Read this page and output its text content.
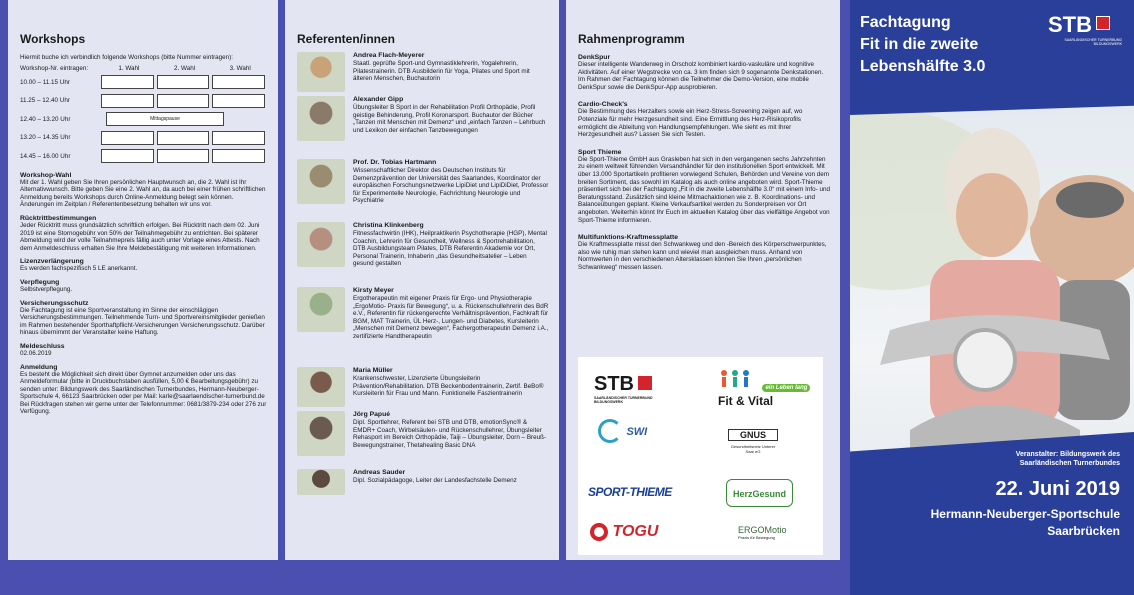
Workshops
Hiermit buche ich verbindlich folgende Workshops (bitte Nummer eintragen):
Workshop-Nr. eintragen:	1. Wahl	2. Wahl	3. Wahl
10.00 – 11.15 Uhr
11.25 – 12.40 Uhr
12.40 – 13.20 Uhr	Mittagspause
13.20 – 14.35 Uhr
14.45 – 16.00 Uhr
Workshop-Wahl
Mit der 1. Wahl geben Sie Ihren persönlichen Hauptwunsch an, die 2. Wahl ist Ihr Alternativwunsch. Bitte geben Sie eine 2. Wahl an, da auch bei einer frühen schriftlichen Anmeldung bereits Workshops durch Online-Anmeldung belegt sein können. Änderungen im Zeitplan / Referentenbesetzung behalten wir uns vor.
Rücktrittbestimmungen
Jeder Rücktritt muss grundsätzlich schriftlich erfolgen. Bei Rücktritt nach dem 02. Juni 2019 ist eine Stornogebühr von 50% der Teilnahmegebühr zu entrichten. Bei späterer Abmeldung wird der volle Teilnahmepreis fällig auch unter Vorlage eines Attests. Nach dem Anmeldeschluss erhalten Sie Ihre Meldebestätigung mit weiteren Informationen.
Lizenzverlängerung
Es werden fachspezifisch 5 LE anerkannt.
Verpflegung
Selbstverpflegung.
Versicherungsschutz
Die Fachtagung ist eine Sportveranstaltung im Sinne der einschlägigen Versicherungsbestimmungen. Teilnehmende Turn- und Sportvereinsmitglieder genießen im Rahmen bestehender Sporthaftpflicht-Versicherungen Versicherungsschutz. Darüber hinaus übernimmt der Veranstalter keine Haftung.
Meldeschluss
02.06.2019
Anmeldung
Es besteht die Möglichkeit sich direkt über Gymnet anzumelden oder uns das Anmeldeformular (bitte in Druckbuchstaben ausfüllen, 5,00 € Bearbeitungsgebühr) zu senden unter: Bildungswerk des Saarländischen Turnerbundes, Hermann-Neuberger-Sportschule 4, 66123 Saarbrücken oder per Mail: karle@saarlaendischer-turnerbund.de Bei Rückfragen stehen wir gerne unter der Telefonnummer: 0681/3879-234 oder 276 zur Verfügung.
Referenten/innen
Andrea Flach-Meyerer
Staatl. geprüfte Sport-und Gymnastiklehrerin, Yogalehrerin, Pilatestrainerin. DTB Ausbilderin für Yoga, Pilates und Sport mit älteren Menschen, Buchautorin
Alexander Gipp
Übungsleiter B Sport in der Rehabilitation Profil Orthopädie, Profil geistige Behinderung, Profil Koronarsport. Buchautor der Bücher „Tanzen mit Menschen mit Demenz“ und „einfach Tanzen – Lehrbuch und Lexikon der einfachen Tanzbewegungen
Prof. Dr. Tobias Hartmann
Wissenschaftlicher Direktor des Deutschen Instituts für Demenzprävention der Universität des Saarlandes, Koordinator der europäischen Forschungsnetzwerke LipiDiet und LipiDiDiet, Professor für Experimentelle Neurologie, Fachrichtung Neurologie und Psychiatrie
Christina Klinkenberg
Fitnessfachwirtin (IHK), Heilpraktikerin Psychotherapie (HGP), Mental Coachin, Lehrerin für Gesundheit, Wellness & Sportrehabilitation, DTB Ausbildungsteam Pilates, DTB Referentin Akademie vor Ort, Personal Trainerin, Inhaberin „das Gesundheitsatelier – Leben gesund gestalten
Kirsty Meyer
Ergotherapeutin mit eigener Praxis für Ergo- und Physiotherapie „ErgoMotio- Praxis für Bewegung“, u. a. Rückenschullehrerin des BdR e.V., Referentin für rückengerechte Verhältnisprävention, Fachkraft für BGM, MAT Trainerin, ÜL Herz-, Lungen- und Diabetes, Kursleiterin „Menschen mit Demenz bewegen“, Fachergotherapeutin Demenz i.A., zertifizierte Handtherapeutin
Maria Müller
Krankenschwester, Lizenzierte Übungsleiterin Prävention/Rehabilitation. DTB Beckenbodentrainerin, Zertif. BeBo® Kursleiterin für Frau und Mann. Funktionelle Faszientrainerin
Jörg Papué
Dipl. Sportlehrer, Referent bei STB und DTB, emotionSync® & EMDR+ Coach, Wirbelsäulen- und Rückenschullehrer, Übungsleiter Rehasport im Bereich Orthopädie, Taiji – Übungsleiter, Dorn – Breuß-Bewegungstrainer, Thetahealing Basic DNA
Andreas Sauder
Dipl. Sozialpädagoge, Leiter der Landesfachstelle Demenz
Rahmenprogramm
DenkSpur
Dieser intelligente Wanderweg in Orscholz kombiniert kardio-vaskuläre und kognitive Aktivitäten. Auf einer Wegstrecke von ca. 3 km finden sich 9 sogenannte Denkstationen. Im Rahmen der Fachtagung können die Teilnehmer die Demo-Version, eine mobile DenkSpur sowie die DenkSpur-App ausprobieren.
Cardio-Check's
Die Bestimmung des Herzalters sowie ein Herz-Stress-Screening zeigen auf, wo Potenziale für mehr Herzgesundheit sind. Eine Ermittlung des Herz-Risikoprofils ermöglicht die Ableitung von Handlungsempfehlungen. Wie sieht es mit Ihrer Herzgesundheit aus? Lassen Sie sich Testen.
Sport Thieme
Die Sport-Thieme GmbH aus Grasleben hat sich in den vergangenen sechs Jahrzehnten zu einem weltweit führenden Versandhändler für den institutionellen Sport entwickelt. Mit über 13.000 Sportartikeln profitieren vorwiegend Schulen, Behörden und Vereine von dem breiten Sortiment, das sowohl im Katalog als auch online angeboten wird. Sport-Thieme präsentiert sich bei der Fachtagung „Fit in die zweite Lebenshälfte 3.0“ mit einem Info- und Beratungsstand. Zusätzlich sind kleine Mitmachaktionen wie z. B. Koordinations- und Balanceübungen geplant. Kleine Verkaufsartikel werden zu Sonderpreisen vor Ort angeboten. Weiterhin könnt Ihr Euch im aktuellen Katalog über das vielfältige Angebot von Sport-Thieme informieren.
Multifunktions-Kraftmessplatte
Die Kraftmessplatte misst den Schwankweg und den -Bereich des Körperschwerpunktes, also wie ruhig man stehen kann und wieviel man ausgleichen muss. Anhand von Normwerten in den verschiedenen Altersklassen können Sie Ihren „persönlichen Schwankweg“ messen lassen.
STB
SAARLÄNDISCHER TURNERBUND BILDUNGSWERK
ein Leben lang
Fit & Vital
SWI	GNUS
Gesundheitsnetz Unterer Saar eG
SPORT-THIEME	HerzGesund
TOGU	ERGOMotio
Praxis für Bewegung
Fachtagung
Fit in die zweite
Lebenshälfte 3.0
STB
SAARLÄNDISCHER TURNERBUND BILDUNGSWERK
Veranstalter: Bildungswerk des
Saarländischen Turnerbundes
22. Juni 2019
Hermann-Neuberger-Sportschule
Saarbrücken
